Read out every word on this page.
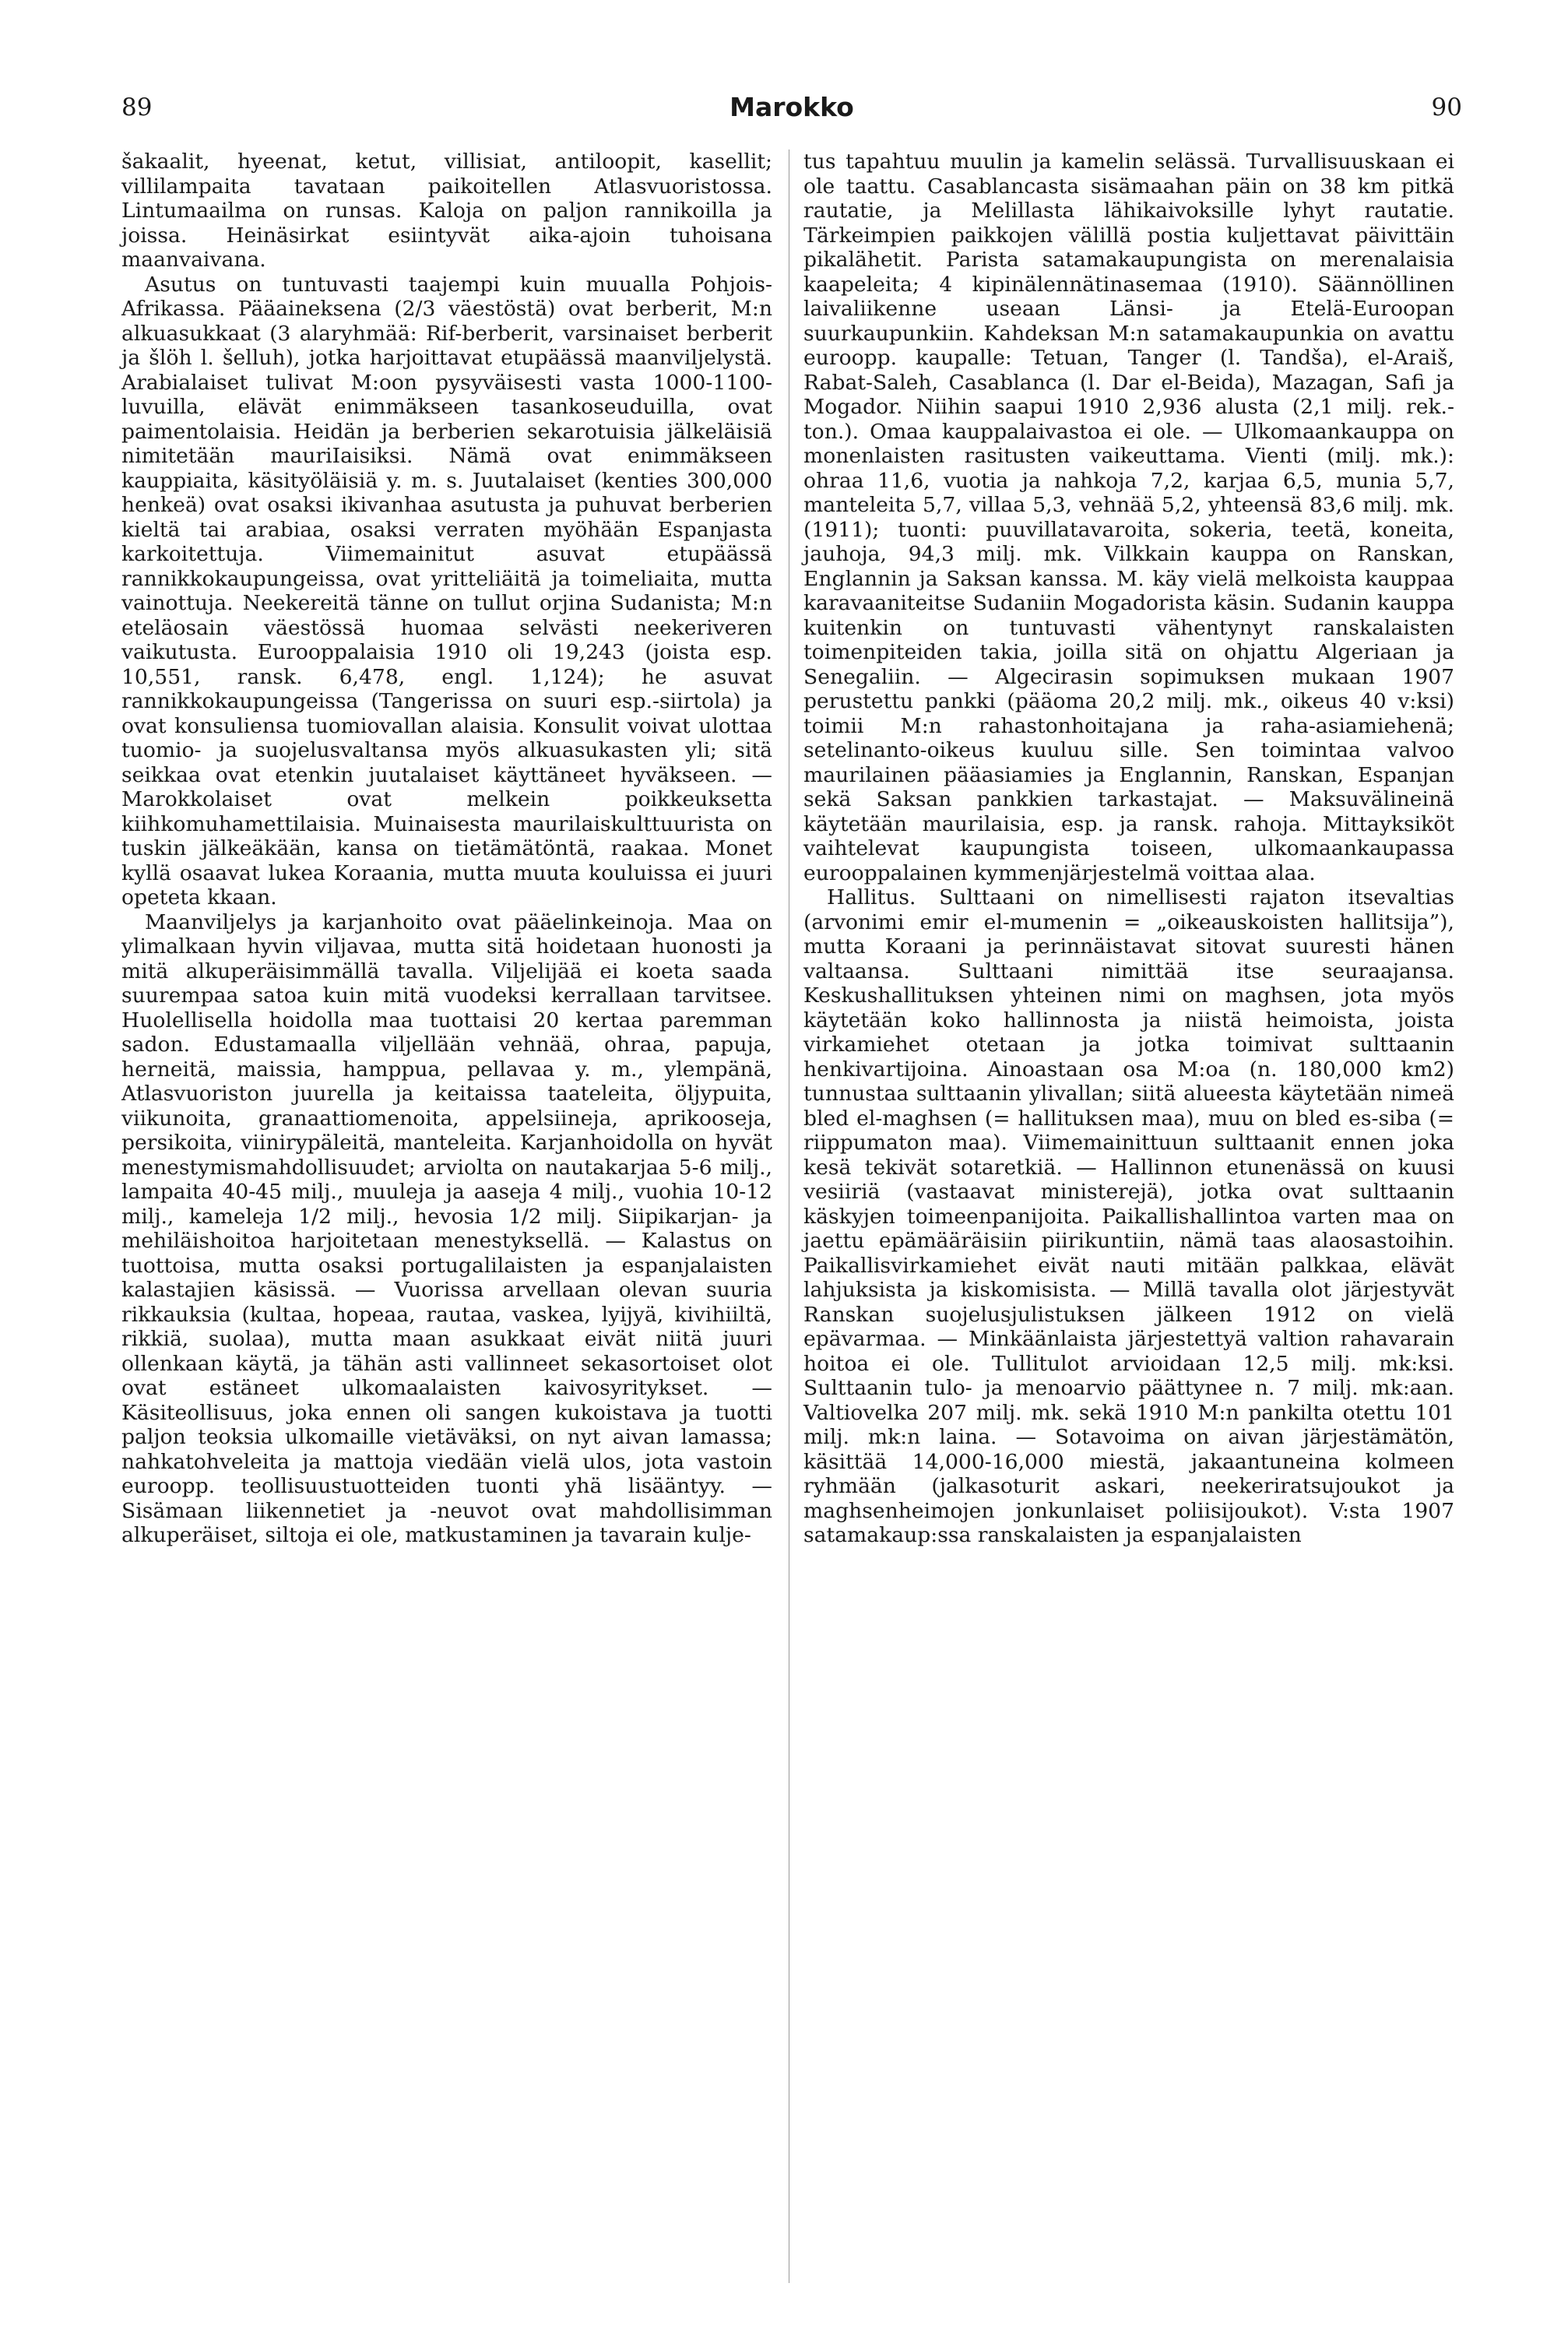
89	Marokko	90

šakaalit, hyeenat, ketut, villisiat, antiloopit, kasellit; villilampaita tavataan paikoitellen Atlasvuoristossa. Lintumaailma on runsas. Kaloja on paljon rannikoilla ja joissa. Heinäsirkat esiintyvät aika-ajoin tuhoisana maanvaivana.

Asutus on tuntuvasti taajempi kuin muualla Pohjois-Afrikassa. Pääaineksena (2/3 väestöstä) ovat berberit, M:n alkuasukkaat (3 alaryhmää: Rif-berberit, varsinaiset berberit ja šlöh l. šelluh), jotka harjoittavat etupäässä maanviljelystä. Arabialaiset tulivat M:oon pysyväisesti vasta 1000-1100-luvuilla, elävät enimmäkseen tasankoseuduilla, ovat paimentolaisia. Heidän ja berberien sekarotuisia jälkeläisiä nimitetään mauriIaisiksi. Nämä ovat enimmäkseen kauppiaita, käsityöläisiä y. m. s. Juutalaiset (kenties 300,000 henkeä) ovat osaksi ikivanhaa asutusta ja puhuvat berberien kieltä tai arabiaa, osaksi verraten myöhään Espanjasta karkoitettuja. Viimemainitut asuvat etupäässä rannikkokaupungeissa, ovat yritteliäitä ja toimeliaita, mutta vainottuja. Neekereitä tänne on tullut orjina Sudanista; M:n eteläosain väestössä huomaa selvästi neekeriveren vaikutusta. Eurooppalaisia 1910 oli 19,243 (joista esp. 10,551, ransk. 6,478, engl. 1,124); he asuvat rannikkokaupungeissa (Tangerissa on suuri esp.-siirtola) ja ovat konsuliensa tuomiovallan alaisia. Konsulit voivat ulottaa tuomio- ja suojelusvaltansa myös alkuasukasten yli; sitä seikkaa ovat etenkin juutalaiset käyttäneet hyväkseen. — Marokkolaiset ovat melkein poikkeuksetta kiihkomuhamettilaisia. Muinaisesta maurilaiskulttuurista on tuskin jälkeäkään, kansa on tietämätöntä, raakaa. Monet kyllä osaavat lukea Koraania, mutta muuta kouluissa ei juuri opeteta kkaan.

Maanviljelys ja karjanhoito ovat pääelinkeinoja. Maa on ylimalkaan hyvin viljavaa, mutta sitä hoidetaan huonosti ja mitä alkuperäisimmällä tavalla. Viljelijää ei koeta saada suurempaa satoa kuin mitä vuodeksi kerrallaan tarvitsee. Huolellisella hoidolla maa tuottaisi 20 kertaa paremman sadon. Edustamaalla viljellään vehnää, ohraa, papuja, herneitä, maissia, hamppua, pellavaa y. m., ylempänä, Atlasvuoriston juurella ja keitaissa taateleita, öljypuita, viikunoita, granaattiomenoita, appelsiineja, aprikooseja, persikoita, viinirypäleitä, manteleita. Karjanhoidolla on hyvät menestymismahdollisuudet; arviolta on nautakarjaa 5-6 milj., lampaita 40-45 milj., muuleja ja aaseja 4 milj., vuohia 10-12 milj., kameleja 1/2 milj., hevosia 1/2 milj. Siipikarjan- ja mehiläishoitoa harjoitetaan menestyksellä. — Kalastus on tuottoisa, mutta osaksi portugalilaisten ja espanjalaisten kalastajien käsissä. — Vuorissa arvellaan olevan suuria rikkauksia (kultaa, hopeaa, rautaa, vaskea, lyijyä, kivihiiltä, rikkiä, suolaa), mutta maan asukkaat eivät niitä juuri ollenkaan käytä, ja tähän asti vallinneet sekasortoiset olot ovat estäneet ulkomaalaisten kaivosyritykset. — Käsiteollisuus, joka ennen oli sangen kukoistava ja tuotti paljon teoksia ulkomaille vietäväksi, on nyt aivan lamassa; nahkatohveleita ja mattoja viedään vielä ulos, jota vastoin euroopp. teollisuustuotteiden tuonti yhä lisääntyy. — Sisämaan liikennetiet ja -neuvot ovat mahdollisimman alkuperäiset, siltoja ei ole, matkustaminen ja tavarain kulje-

tus tapahtuu muulin ja kamelin selässä. Turvallisuuskaan ei ole taattu. Casablancasta sisämaahan päin on 38 km pitkä rautatie, ja Melillasta lähikaivoksille lyhyt rautatie. Tärkeimpien paikkojen välillä postia kuljettavat päivittäin pikalähetit. Parista satamakaupungista on merenalaisia kaapeleita; 4 kipinälennätinasemaa (1910). Säännöllinen laivaliikenne useaan Länsi- ja Etelä-Euroopan suurkaupunkiin. Kahdeksan M:n satamakaupunkia on avattu euroopp. kaupalle: Tetuan, Tanger (l. Tandša), el-Araiš, Rabat-Saleh, Casablanca (l. Dar el-Beida), Mazagan, Safi ja Mogador. Niihin saapui 1910 2,936 alusta (2,1 milj. rek.-ton.). Omaa kauppalaivastoa ei ole. — Ulkomaankauppa on monenlaisten rasitusten vaikeuttama. Vienti (milj. mk.): ohraa 11,6, vuotia ja nahkoja 7,2, karjaa 6,5, munia 5,7, manteleita 5,7, villaa 5,3, vehnää 5,2, yhteensä 83,6 milj. mk. (1911); tuonti: puuvillatavaroita, sokeria, teetä, koneita, jauhoja, 94,3 milj. mk. Vilkkain kauppa on Ranskan, Englannin ja Saksan kanssa. M. käy vielä melkoista kauppaa karavaaniteitse Sudaniin Mogadorista käsin. Sudanin kauppa kuitenkin on tuntuvasti vähentynyt ranskalaisten toimenpiteiden takia, joilla sitä on ohjattu Algeriaan ja Senegaliin. — Algecirasin sopimuksen mukaan 1907 perustettu pankki (pääoma 20,2 milj. mk., oikeus 40 v:ksi) toimii M:n rahastonhoitajana ja raha-asiamiehenä; setelinanto-oikeus kuuluu sille. Sen toimintaa valvoo maurilainen pääasiamies ja Englannin, Ranskan, Espanjan sekä Saksan pankkien tarkastajat. — Maksuvälineinä käytetään maurilaisia, esp. ja ransk. rahoja. Mittayksiköt vaihtelevat kaupungista toiseen, ulkomaankaupassa eurooppalainen kymmenjärjestelmä voittaa alaa.

Hallitus. Sulttaani on nimellisesti rajaton itsevaltias (arvonimi emir el-mumenin = „oikeauskoisten hallitsija”), mutta Koraani ja perinnäistavat sitovat suuresti hänen valtaansa. Sulttaani nimittää itse seuraajansa. Keskushallituksen yhteinen nimi on maghsen, jota myös käytetään koko hallinnosta ja niistä heimoista, joista virkamiehet otetaan ja jotka toimivat sulttaanin henkivartijoina. Ainoastaan osa M:oa (n. 180,000 km2) tunnustaa sulttaanin ylivallan; siitä alueesta käytetään nimeä bled el-maghsen (= hallituksen maa), muu on bled es-siba (= riippumaton maa). Viimemainittuun sulttaanit ennen joka kesä tekivät sotaretkiä. — Hallinnon etunenässä on kuusi vesiiriä (vastaavat ministerejä), jotka ovat sulttaanin käskyjen toimeenpanijoita. Paikallishallintoa varten maa on jaettu epämääräisiin piirikuntiin, nämä taas alaosastoihin. Paikallisvirkamiehet eivät nauti mitään palkkaa, elävät lahjuksista ja kiskomisista. — Millä tavalla olot järjestyvät Ranskan suojelusjulistuksen jälkeen 1912 on vielä epävarmaa. — Minkäänlaista järjestettyä valtion rahavarain hoitoa ei ole. Tullitulot arvioidaan 12,5 milj. mk:ksi. Sulttaanin tulo- ja menoarvio päättynee n. 7 milj. mk:aan. Valtiovelka 207 milj. mk. sekä 1910 M:n pankilta otettu 101 milj. mk:n laina. — Sotavoima on aivan järjestämätön, käsittää 14,000-16,000 miestä, jakaantuneina kolmeen ryhmään (jalkasoturit askari, neekeriratsujoukot ja maghsenheimojen jonkunlaiset poliisijoukot). V:sta 1907 satamakaup:ssa ranskalaisten ja espanjalaisten
